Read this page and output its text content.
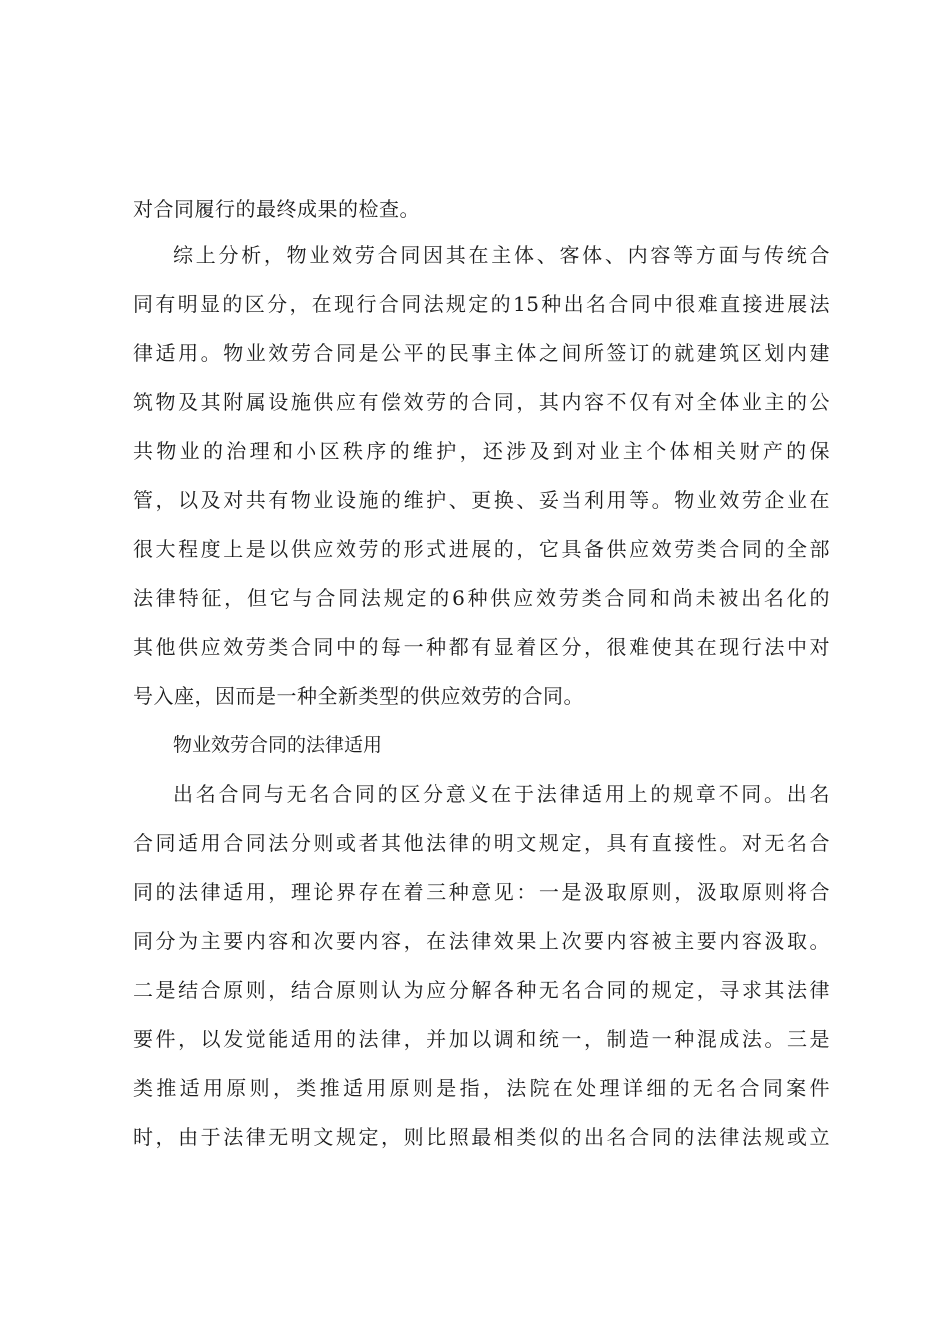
对合同履行的最终成果的检查。
综上分析，物业效劳合同因其在主体、客体、内容等方面与传统合
同有明显的区分，在现行合同法规定的15种出名合同中很难直接进展法
律适用。物业效劳合同是公平的民事主体之间所签订的就建筑区划内建
筑物及其附属设施供应有偿效劳的合同，其内容不仅有对全体业主的公
共物业的治理和小区秩序的维护，还涉及到对业主个体相关财产的保
管，以及对共有物业设施的维护、更换、妥当利用等。物业效劳企业在
很大程度上是以供应效劳的形式进展的，它具备供应效劳类合同的全部
法律特征，但它与合同法规定的6种供应效劳类合同和尚未被出名化的
其他供应效劳类合同中的每一种都有显着区分，很难使其在现行法中对
号入座，因而是一种全新类型的供应效劳的合同。
物业效劳合同的法律适用
出名合同与无名合同的区分意义在于法律适用上的规章不同。出名
合同适用合同法分则或者其他法律的明文规定，具有直接性。对无名合
同的法律适用，理论界存在着三种意见：一是汲取原则，汲取原则将合
同分为主要内容和次要内容，在法律效果上次要内容被主要内容汲取。
二是结合原则，结合原则认为应分解各种无名合同的规定，寻求其法律
要件，以发觉能适用的法律，并加以调和统一，制造一种混成法。三是
类推适用原则，类推适用原则是指，法院在处理详细的无名合同案件
时，由于法律无明文规定，则比照最相类似的出名合同的法律法规或立
